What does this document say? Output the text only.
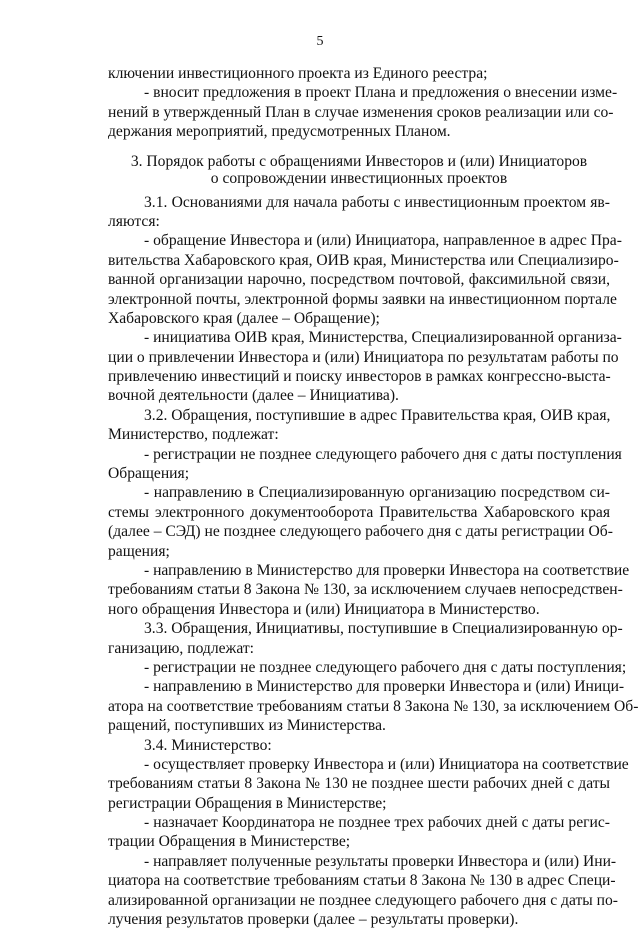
5
ключении инвестиционного проекта из Единого реестра;
- вносит предложения в проект Плана и предложения о внесении изме-
нений в утвержденный План в случае изменения сроков реализации или со-
держания мероприятий, предусмотренных Планом.
3. Порядок работы с обращениями Инвесторов и (или) Инициаторов
о сопровождении инвестиционных проектов
3.1. Основаниями для начала работы с инвестиционным проектом яв-
ляются:
- обращение Инвестора и (или) Инициатора, направленное в адрес Пра-
вительства Хабаровского края, ОИВ края, Министерства или Специализиро-
ванной организации нарочно, посредством почтовой, факсимильной связи,
электронной почты, электронной формы заявки на инвестиционном портале
Хабаровского края (далее – Обращение);
- инициатива ОИВ края, Министерства, Специализированной организа-
ции о привлечении Инвестора и (или) Инициатора по результатам работы по
привлечению инвестиций и поиску инвесторов в рамках конгрессно-выста-
вочной деятельности (далее – Инициатива).
3.2. Обращения, поступившие в адрес Правительства края, ОИВ края,
Министерство, подлежат:
- регистрации не позднее следующего рабочего дня с даты поступления
Обращения;
- направлению в Специализированную организацию посредством си-
стемы электронного документооборота Правительства Хабаровского края
(далее – СЭД) не позднее следующего рабочего дня с даты регистрации Об-
ращения;
- направлению в Министерство для проверки Инвестора на соответствие
требованиям статьи 8 Закона № 130, за исключением случаев непосредствен-
ного обращения Инвестора и (или) Инициатора в Министерство.
3.3. Обращения, Инициативы, поступившие в Специализированную ор-
ганизацию, подлежат:
- регистрации не позднее следующего рабочего дня с даты поступления;
- направлению в Министерство для проверки Инвестора и (или) Иници-
атора на соответствие требованиям статьи 8 Закона № 130, за исключением Об-
ращений, поступивших из Министерства.
3.4. Министерство:
- осуществляет проверку Инвестора и (или) Инициатора на соответствие
требованиям статьи 8 Закона № 130 не позднее шести рабочих дней с даты
регистрации Обращения в Министерстве;
- назначает Координатора не позднее трех рабочих дней с даты регис-
трации Обращения в Министерстве;
- направляет полученные результаты проверки Инвестора и (или) Ини-
циатора на соответствие требованиям статьи 8 Закона № 130 в адрес Специ-
ализированной организации не позднее следующего рабочего дня с даты по-
лучения результатов проверки (далее – результаты проверки).
